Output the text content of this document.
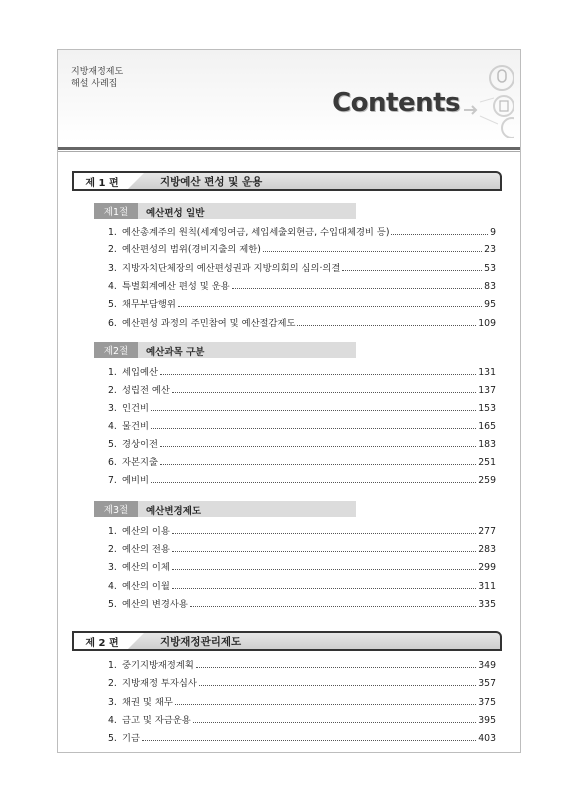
지방재정제도
해설 사례집
Contents
제 1 편	지방예산 편성 및 운용
제1절	예산편성 일반
1. 예산총계주의 원칙(세계잉여금, 세입세출외현금, 수입대체경비 등)	9
2. 예산편성의 범위(경비지출의 제한)	23
3. 지방자치단체장의 예산편성권과 지방의회의 심의·의결	53
4. 특별회계예산 편성 및 운용	83
5. 채무부담행위	95
6. 예산편성 과정의 주민참여 및 예산절감제도	109
제2절	예산과목 구분
1. 세입예산	131
2. 성립전 예산	137
3. 인건비	153
4. 물건비	165
5. 경상이전	183
6. 자본지출	251
7. 예비비	259
제3절	예산변경제도
1. 예산의 이용	277
2. 예산의 전용	283
3. 예산의 이체	299
4. 예산의 이월	311
5. 예산의 변경사용	335
제 2 편	지방재정관리제도
1. 중기지방재정계획	349
2. 지방재정 투자심사	357
3. 채권 및 채무	375
4. 금고 및 자금운용	395
5. 기금	403
